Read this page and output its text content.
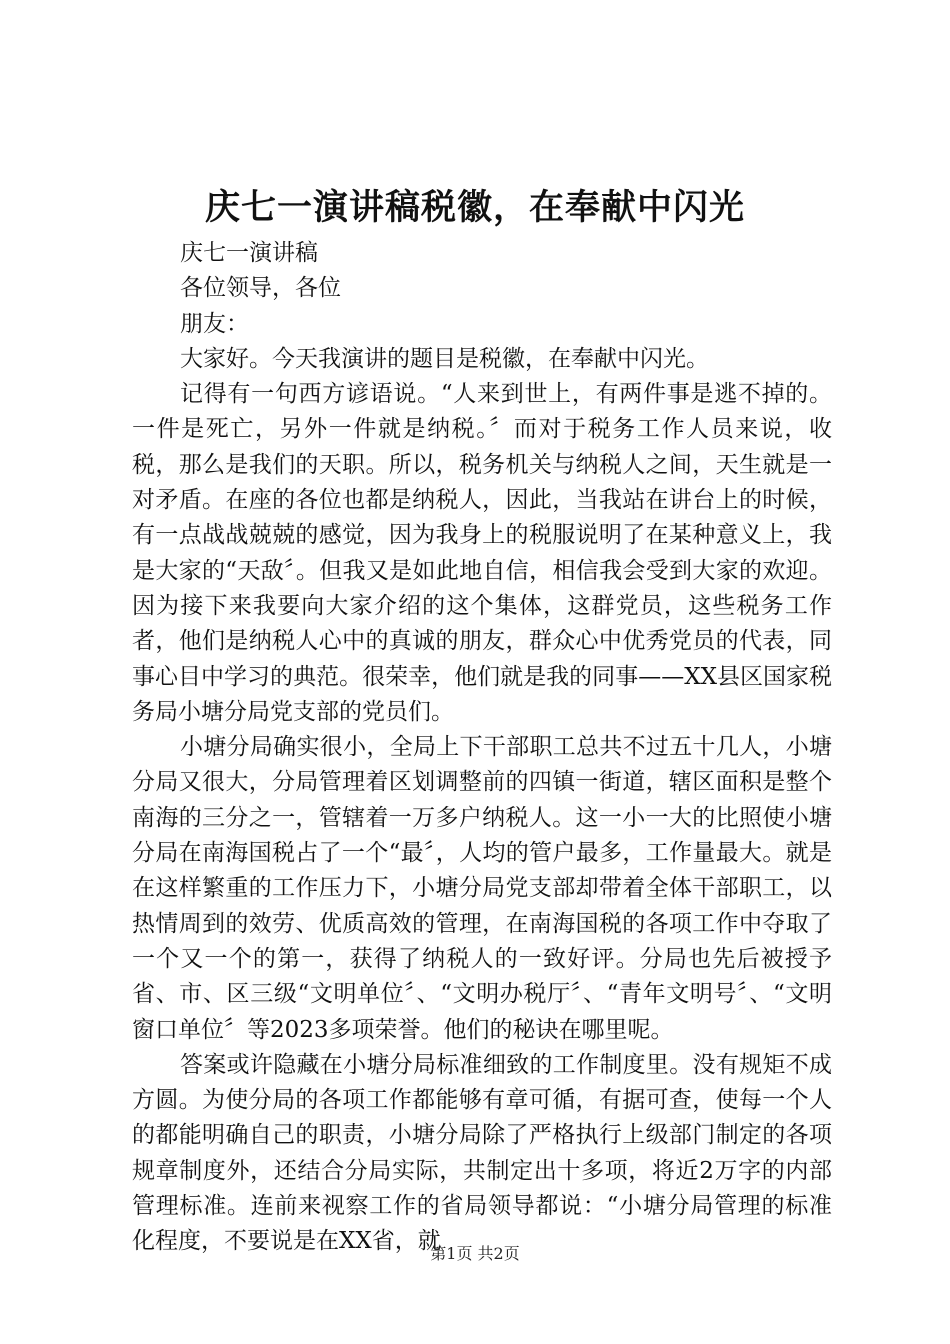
庆七一演讲稿税徽，在奉献中闪光
庆七一演讲稿
各位领导，各位
朋友：

大家好。今天我演讲的题目是税徽，在奉献中闪光。

记得有一句西方谚语说。“人来到世上，有两件事是逃不掉的。一件是死亡，另外一件就是纳税。〞而对于税务工作人员来说，收税，那么是我们的天职。所以，税务机关与纳税人之间，天生就是一对矛盾。在座的各位也都是纳税人，因此，当我站在讲台上的时候，有一点战战兢兢的感觉，因为我身上的税服说明了在某种意义上，我是大家的“天敌〞。但我又是如此地自信，相信我会受到大家的欢迎。因为接下来我要向大家介绍的这个集体，这群党员，这些税务工作者，他们是纳税人心中的真诚的朋友，群众心中优秀党员的代表，同事心目中学习的典范。很荣幸，他们就是我的同事——XX县区国家税务局小塘分局党支部的党员们。

小塘分局确实很小，全局上下干部职工总共不过五十几人，小塘分局又很大，分局管理着区划调整前的四镇一街道，辖区面积是整个南海的三分之一，管辖着一万多户纳税人。这一小一大的比照使小塘分局在南海国税占了一个“最〞，人均的管户最多，工作量最大。就是在这样繁重的工作压力下，小塘分局党支部却带着全体干部职工，以热情周到的效劳、优质高效的管理，在南海国税的各项工作中夺取了一个又一个的第一，获得了纳税人的一致好评。分局也先后被授予省、市、区三级“文明单位〞、“文明办税厅〞、“青年文明号〞、“文明窗口单位〞等2023多项荣誉。他们的秘诀在哪里呢。

答案或许隐藏在小塘分局标准细致的工作制度里。没有规矩不成方圆。为使分局的各项工作都能够有章可循，有据可查，使每一个人的都能明确自己的职责，小塘分局除了严格执行上级部门制定的各项规章制度外，还结合分局实际，共制定出十多项，将近2万字的内部管理标准。连前来视察工作的省局领导都说：“小塘分局管理的标准化程度，不要说是在XX省，就

第1页 共2页
